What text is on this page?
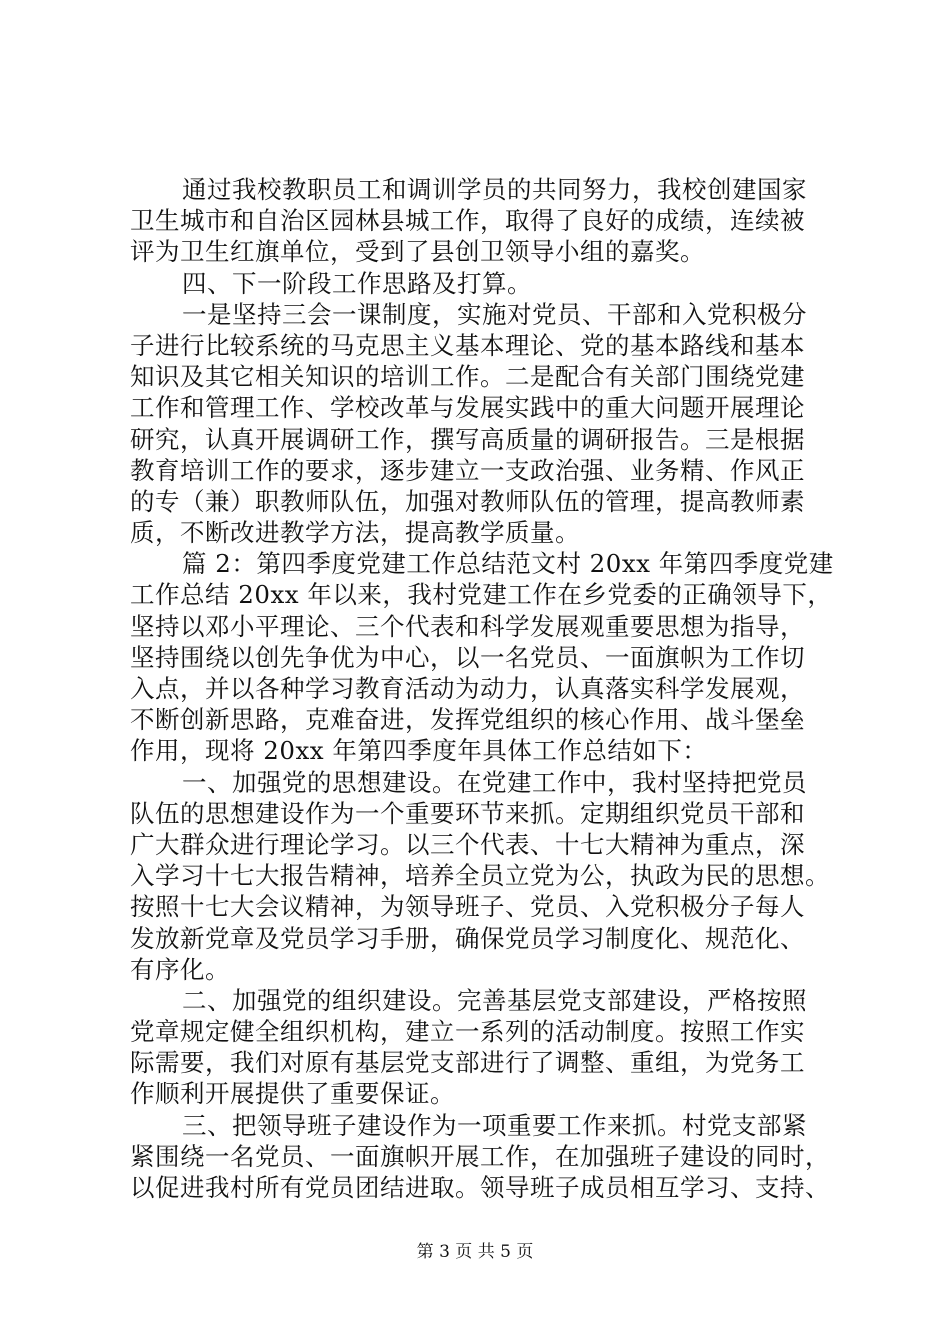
通过我校教职员工和调训学员的共同努力，我校创建国家
卫生城市和自治区园林县城工作，取得了良好的成绩，连续被
评为卫生红旗单位，受到了县创卫领导小组的嘉奖。
四、下一阶段工作思路及打算。
一是坚持三会一课制度，实施对党员、干部和入党积极分
子进行比较系统的马克思主义基本理论、党的基本路线和基本
知识及其它相关知识的培训工作。二是配合有关部门围绕党建
工作和管理工作、学校改革与发展实践中的重大问题开展理论
研究，认真开展调研工作，撰写高质量的调研报告。三是根据
教育培训工作的要求，逐步建立一支政治强、业务精、作风正
的专（兼）职教师队伍，加强对教师队伍的管理，提高教师素
质，不断改进教学方法，提高教学质量。
篇 2：第四季度党建工作总结范文村 20xx 年第四季度党建
工作总结 20xx 年以来，我村党建工作在乡党委的正确领导下，
坚持以邓小平理论、三个代表和科学发展观重要思想为指导，
坚持围绕以创先争优为中心，以一名党员、一面旗帜为工作切
入点，并以各种学习教育活动为动力，认真落实科学发展观，
不断创新思路，克难奋进，发挥党组织的核心作用、战斗堡垒
作用，现将 20xx 年第四季度年具体工作总结如下：
一、加强党的思想建设。在党建工作中，我村坚持把党员
队伍的思想建设作为一个重要环节来抓。定期组织党员干部和
广大群众进行理论学习。以三个代表、十七大精神为重点，深
入学习十七大报告精神，培养全员立党为公，执政为民的思想。
按照十七大会议精神，为领导班子、党员、入党积极分子每人
发放新党章及党员学习手册，确保党员学习制度化、规范化、
有序化。
二、加强党的组织建设。完善基层党支部建设，严格按照
党章规定健全组织机构，建立一系列的活动制度。按照工作实
际需要，我们对原有基层党支部进行了调整、重组，为党务工
作顺利开展提供了重要保证。
三、把领导班子建设作为一项重要工作来抓。村党支部紧
紧围绕一名党员、一面旗帜开展工作，在加强班子建设的同时，
以促进我村所有党员团结进取。领导班子成员相互学习、支持、
第 3 页 共 5 页
